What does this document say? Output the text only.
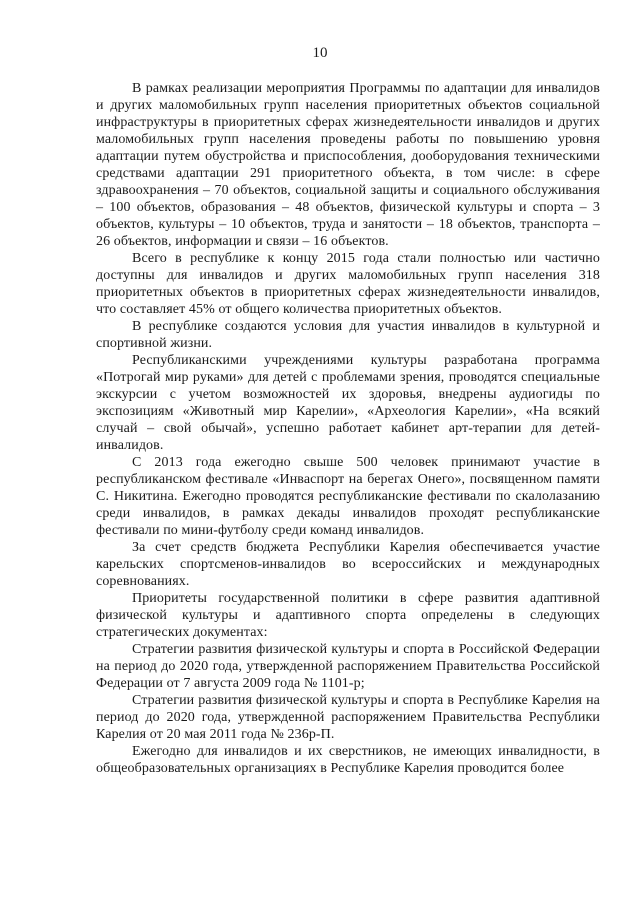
10

В рамках реализации мероприятия Программы по адаптации для инвалидов и других маломобильных групп населения приоритетных объектов социальной инфраструктуры в приоритетных сферах жизнедеятельности инвалидов и других маломобильных групп населения проведены работы по повышению уровня адаптации путем обустройства и приспособления, дооборудования техническими средствами адаптации 291 приоритетного объекта, в том числе: в сфере здравоохранения – 70 объектов, социальной защиты и социального обслуживания – 100 объектов, образования – 48 объектов, физической культуры и спорта – 3 объектов, культуры – 10 объектов, труда и занятости – 18 объектов, транспорта – 26 объектов, информации и связи – 16 объектов.

Всего в республике к концу 2015 года стали полностью или частично доступны для инвалидов и других маломобильных групп населения 318 приоритетных объектов в приоритетных сферах жизнедеятельности инвалидов, что составляет 45% от общего количества приоритетных объектов.

В республике создаются условия для участия инвалидов в культурной и спортивной жизни.

Республиканскими учреждениями культуры разработана программа «Потрогай мир руками» для детей с проблемами зрения, проводятся специальные экскурсии с учетом возможностей их здоровья, внедрены аудиогиды по экспозициям «Животный мир Карелии», «Археология Карелии», «На всякий случай – свой обычай», успешно работает кабинет арт-терапии для детей-инвалидов.

С 2013 года ежегодно свыше 500 человек принимают участие в республиканском фестивале «Инваспорт на берегах Онего», посвященном памяти С. Никитина. Ежегодно проводятся республиканские фестивали по скалолазанию среди инвалидов, в рамках декады инвалидов проходят республиканские фестивали по мини-футболу среди команд инвалидов.

За счет средств бюджета Республики Карелия обеспечивается участие карельских спортсменов-инвалидов во всероссийских и международных соревнованиях.

Приоритеты государственной политики в сфере развития адаптивной физической культуры и адаптивного спорта определены в следующих стратегических документах:

Стратегии развития физической культуры и спорта в Российской Федерации на период до 2020 года, утвержденной распоряжением Правительства Российской Федерации от 7 августа 2009 года № 1101-р;

Стратегии развития физической культуры и спорта в Республике Карелия на период до 2020 года, утвержденной распоряжением Правительства Республики Карелия от 20 мая 2011 года № 236р-П.

Ежегодно для инвалидов и их сверстников, не имеющих инвалидности, в общеобразовательных организациях в Республике Карелия проводится более
